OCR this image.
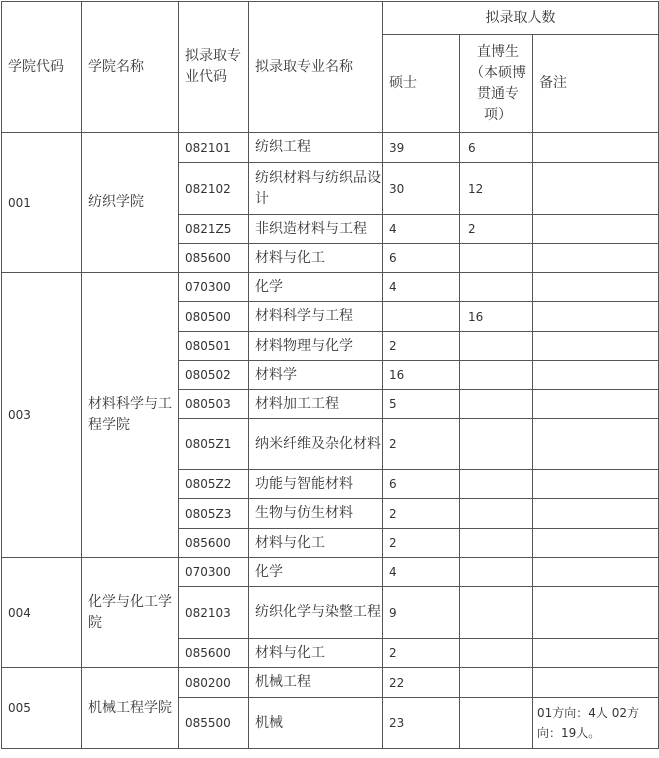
学院代码	学院名称	拟录取专业代码	拟录取专业名称	拟录取人数		
				硕士	直博生（本硕博贯通专项）	备注
001	纺织学院	082101	纺织工程	39	6	
		082102	纺织材料与纺织品设计	30	12	
		0821Z5	非织造材料与工程	4	2	
		085600	材料与化工	6		
003	材料科学与工程学院	070300	化学	4		
		080500	材料科学与工程		16	
		080501	材料物理与化学	2		
		080502	材料学	16		
		080503	材料加工工程	5		
		0805Z1	纳米纤维及杂化材料	2		
		0805Z2	功能与智能材料	6		
		0805Z3	生物与仿生材料	2		
		085600	材料与化工	2		
004	化学与化工学院	070300	化学	4		
		082103	纺织化学与染整工程	9		
		085600	材料与化工	2		
005	机械工程学院	080200	机械工程	22		
		085500	机械	23		01方向：4人 02方向：19人。
